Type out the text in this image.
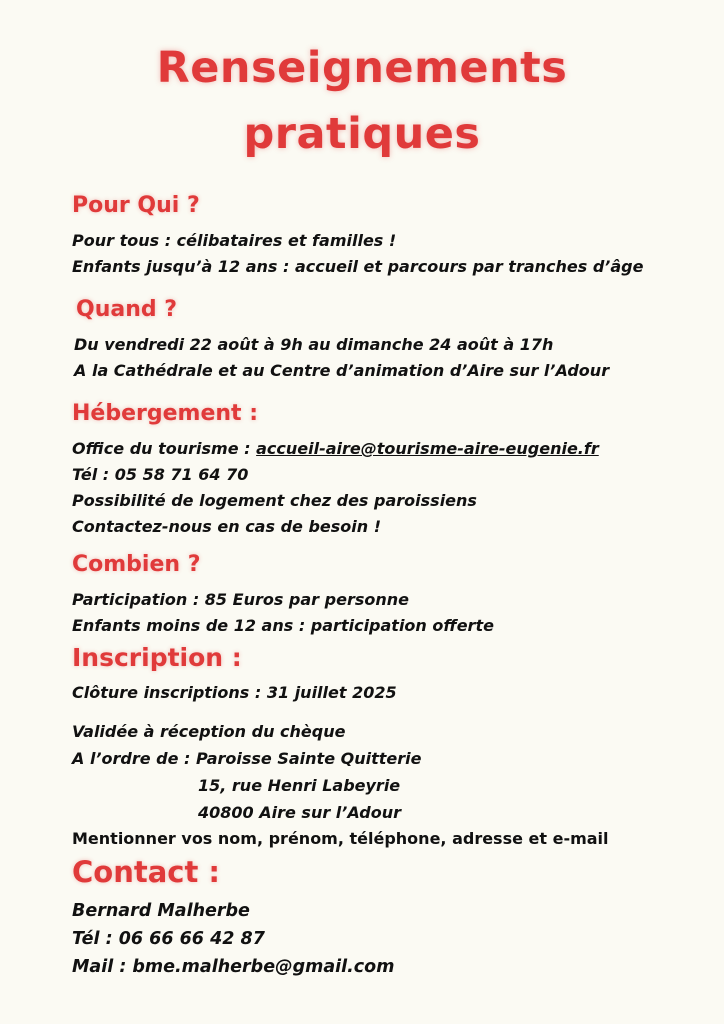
Renseignements
pratiques
Pour Qui ?
Pour tous : célibataires et familles !
Enfants jusqu’à 12 ans : accueil et parcours par tranches d’âge
Quand ?
Du vendredi 22 août à 9h au dimanche 24 août à 17h
A la Cathédrale et au Centre d’animation d’Aire sur l’Adour
Hébergement :
Office du tourisme : accueil-aire@tourisme-aire-eugenie.fr
Tél : 05 58 71 64 70
Possibilité de logement chez des paroissiens
Contactez-nous en cas de besoin !
Combien ?
Participation : 85 Euros par personne
Enfants moins de 12 ans : participation offerte
Inscription :
Clôture inscriptions : 31 juillet 2025
Validée à réception du chèque
A l’ordre de : Paroisse Sainte Quitterie
15, rue Henri Labeyrie
40800 Aire sur l’Adour
Mentionner vos nom, prénom, téléphone, adresse et e-mail
Contact :
Bernard Malherbe
Tél : 06 66 66 42 87
Mail : bme.malherbe@gmail.com
